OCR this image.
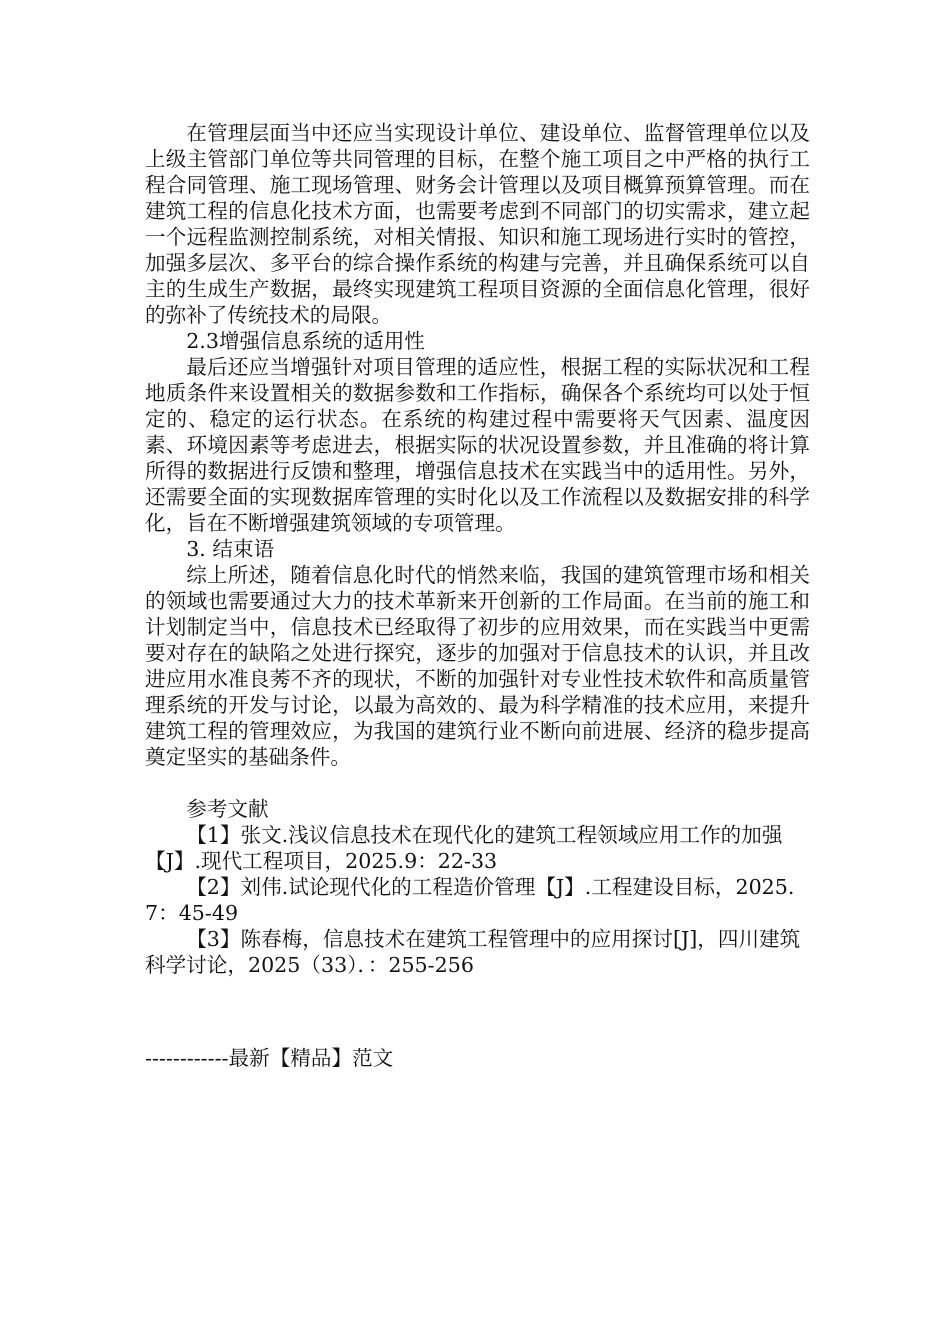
在管理层面当中还应当实现设计单位、建设单位、监督管理单位以及上级主管部门单位等共同管理的目标，在整个施工项目之中严格的执行工程合同管理、施工现场管理、财务会计管理以及项目概算预算管理。而在建筑工程的信息化技术方面，也需要考虑到不同部门的切实需求，建立起一个远程监测控制系统，对相关情报、知识和施工现场进行实时的管控，加强多层次、多平台的综合操作系统的构建与完善，并且确保系统可以自主的生成生产数据，最终实现建筑工程项目资源的全面信息化管理，很好的弥补了传统技术的局限。

2.3增强信息系统的适用性

最后还应当增强针对项目管理的适应性，根据工程的实际状况和工程地质条件来设置相关的数据参数和工作指标，确保各个系统均可以处于恒定的、稳定的运行状态。在系统的构建过程中需要将天气因素、温度因素、环境因素等考虑进去，根据实际的状况设置参数，并且准确的将计算所得的数据进行反馈和整理，增强信息技术在实践当中的适用性。另外，还需要全面的实现数据库管理的实时化以及工作流程以及数据安排的科学化，旨在不断增强建筑领域的专项管理。

3. 结束语

综上所述，随着信息化时代的悄然来临，我国的建筑管理市场和相关的领域也需要通过大力的技术革新来开创新的工作局面。在当前的施工和计划制定当中，信息技术已经取得了初步的应用效果，而在实践当中更需要对存在的缺陷之处进行探究，逐步的加强对于信息技术的认识，并且改进应用水准良莠不齐的现状，不断的加强针对专业性技术软件和高质量管理系统的开发与讨论，以最为高效的、最为科学精准的技术应用，来提升建筑工程的管理效应，为我国的建筑行业不断向前进展、经济的稳步提高奠定坚实的基础条件。

参考文献

【1】张文.浅议信息技术在现代化的建筑工程领域应用工作的加强【J】.现代工程项目，2025.9：22-33

【2】刘伟.试论现代化的工程造价管理【J】.工程建设目标，2025.7：45-49

【3】陈春梅，信息技术在建筑工程管理中的应用探讨[J]，四川建筑科学讨论，2025（33）．：255-256

------------最新【精品】范文
